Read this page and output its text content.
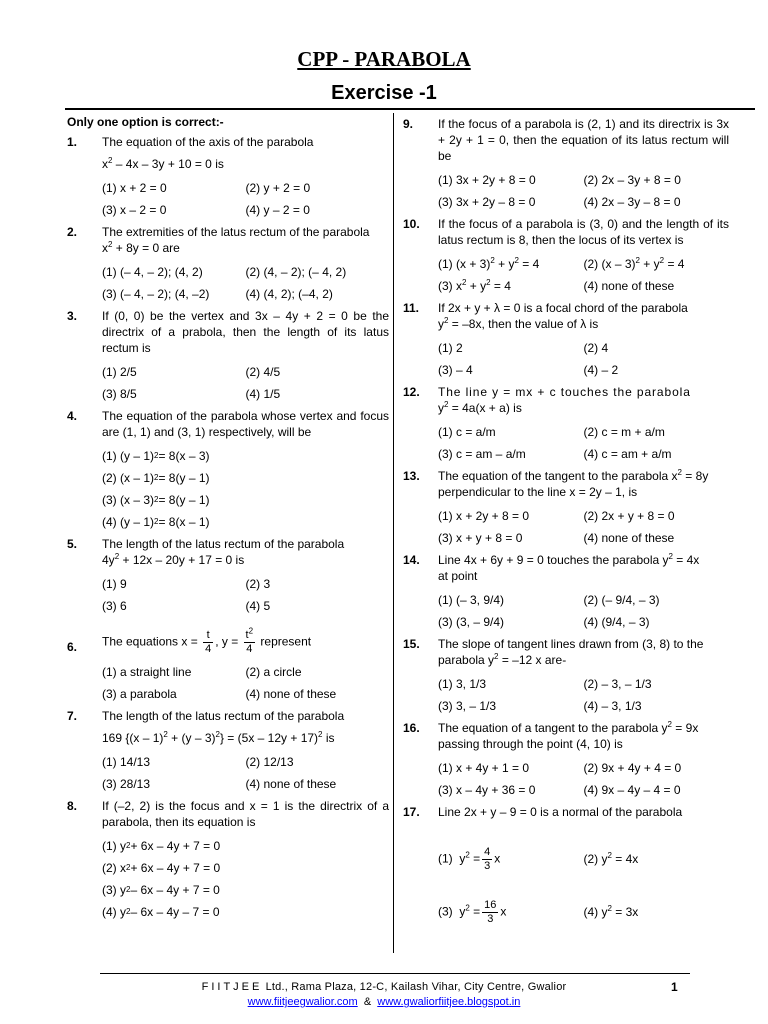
CPP - PARABOLA
Exercise -1
Only one option is correct:-
1. The equation of the axis of the parabola
$x^2 - 4x - 3y + 10 = 0$ is
(1) x + 2 = 0	(2) y + 2 = 0
(3) x – 2 = 0	(4) y – 2 = 0
2. The extremities of the latus rectum of the parabola
$x^2 + 8y = 0$ are
(1) (– 4, – 2); (4, 2)	(2) (4, – 2); (– 4, 2)
(3) (– 4, – 2); (4, –2)	(4) (4, 2); (–4, 2)
3. If (0, 0) be the vertex and 3x – 4y + 2 = 0 be the directrix of a prabola, then the length of its latus rectum is
(1) 2/5	(2) 4/5
(3) 8/5	(4) 1/5
4. The equation of the parabola whose vertex and focus are (1, 1) and (3, 1) respectively, will be
(1) (y – 1) 2 = 8(x – 3)
(2) (x – 1) 2 = 8(y – 1)
(3) (x – 3) 2 = 8(y – 1)
(4) (y – 1) 2 = 8(x – 1)
5. The length of the latus rectum of the parabola
$4y^2 + 12x - 20y + 17 = 0$ is
(1) 9	(2) 3
(3) 6	(4) 5
6. The equations $x = \frac{t}{4}$ , $y = \frac{t^2}{4}$ represent
(1) a straight line	(2) a circle
(3) a parabola	(4) none of these
7. The length of the latus rectum of the parabola
169 $\{(x - 1)^2 + (y - 3)^2\} = (5x - 12y + 17)^2$ is
(1) 14/13	(2) 12/13
(3) 28/13	(4) none of these
8. If (–2, 2) is the focus and x = 1 is the directrix of a parabola, then its equation is
(1) y 2 + 6x – 4y + 7 = 0
(2) x 2 + 6x – 4y + 7 = 0
(3) y 2 – 6x – 4y + 7 = 0
(4) y 2 – 6x – 4y – 7 = 0
9. If the focus of a parabola is (2, 1) and its directrix is 3x + 2y + 1 = 0, then the equation of its latus rectum will be
(1) 3x + 2y + 8 = 0	(2) 2x – 3y + 8 = 0
(3) 3x + 2y – 8 = 0	(4) 2x – 3y – 8 = 0
10. If the focus of a parabola is (3, 0) and the length of its latus rectum is 8, then the locus of its vertex is
(1) $(x + 3)^2 + y^2 = 4$	(2) $(x - 3)^2 + y^2 = 4$
(3) $x^2 + y^2 = 4$	(4) none of these
11. If 2x + y + λ = 0 is a focal chord of the parabola
$y^2 = -8x$, then the value of λ is
(1) 2	(2) 4
(3) – 4	(4) – 2
12. The line y = mx + c touches the parabola
$y^2 = 4a(x + a)$ is
(1) c = a/m	(2) c = m + a/m
(3) c = am – a/m	(4) c = am + a/m
13. The equation of the tangent to the parabola $x^2 = 8y$
perpendicular to the line x = 2y – 1, is
(1) x + 2y + 8 = 0	(2) 2x + y + 8 = 0
(3) x + y + 8 = 0	(4) none of these
14. Line 4x + 6y + 9 = 0 touches the parabola $y^2 = 4x$
at point
(1) (– 3, 9/4)	(2) (– 9/4, – 3)
(3) (3, – 9/4)	(4) (9/4, – 3)
15. The slope of tangent lines drawn from (3, 8) to the
parabola $y^2 = -12$ x are-
(1) 3, 1/3	(2) – 3, – 1/3
(3) 3, – 1/3	(4) – 3, 1/3
16. The equation of a tangent to the parabola $y^2 = 9x$
passing through the point (4, 10) is
(1) x + 4y + 1 = 0	(2) 9x + 4y + 4 = 0
(3) x – 4y + 36 = 0	(4) 9x – 4y – 4 = 0
17. Line 2x + y – 9 = 0 is a normal of the parabola
(1) $y^2 = \frac{4}{3}$ x	(2) $y^2 = 4x$
(3) $y^2 = \frac{16}{3}$ x	(4) $y^2 = 3x$
FIITJEE Ltd., Rama Plaza, 12-C, Kailash Vihar, City Centre, Gwalior
www.fiitjeegwalior.com  &  www.gwaliorfiitjee.blogspot.in
1
